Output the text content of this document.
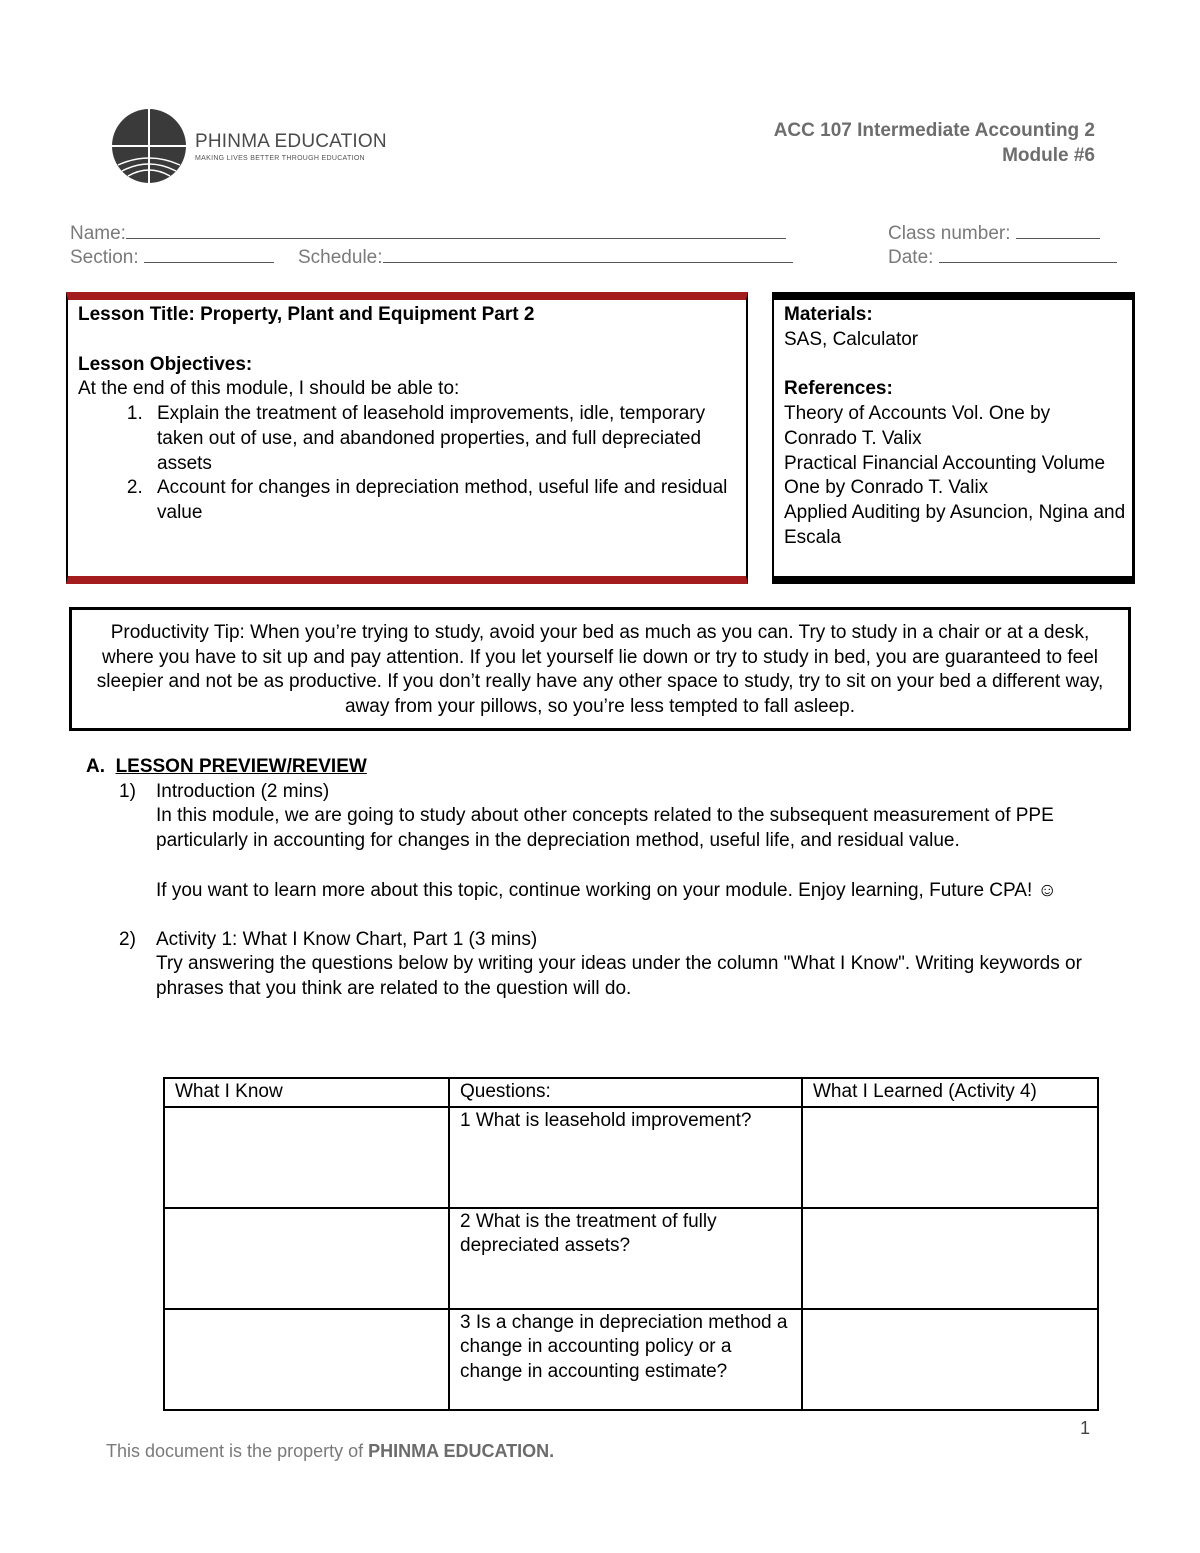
PHINMA EDUCATION
MAKING LIVES BETTER THROUGH EDUCATION
ACC 107 Intermediate Accounting 2
Module #6
Name:	Class number:
Section:	Schedule:	Date:
Lesson Title: Property, Plant and Equipment Part 2
Lesson Objectives:
At the end of this module, I should be able to:
1. Explain the treatment of leasehold improvements, idle, temporary taken out of use, and abandoned properties, and full depreciated assets
2. Account for changes in depreciation method, useful life and residual value
Materials:
SAS, Calculator
References:
Theory of Accounts Vol. One by Conrado T. Valix
Practical Financial Accounting Volume One by Conrado T. Valix
Applied Auditing by Asuncion, Ngina and Escala
Productivity Tip: When you’re trying to study, avoid your bed as much as you can. Try to study in a chair or at a desk, where you have to sit up and pay attention. If you let yourself lie down or try to study in bed, you are guaranteed to feel sleepier and not be as productive. If you don’t really have any other space to study, try to sit on your bed a different way, away from your pillows, so you’re less tempted to fall asleep.
A. LESSON PREVIEW/REVIEW
1) Introduction (2 mins)
In this module, we are going to study about other concepts related to the subsequent measurement of PPE particularly in accounting for changes in the depreciation method, useful life, and residual value.
If you want to learn more about this topic, continue working on your module. Enjoy learning, Future CPA! ☺
2) Activity 1: What I Know Chart, Part 1 (3 mins)
Try answering the questions below by writing your ideas under the column "What I Know". Writing keywords or phrases that you think are related to the question will do.
What I Know	Questions:	What I Learned (Activity 4)
	1 What is leasehold improvement?	
	2 What is the treatment of fully depreciated assets?	
	3 Is a change in depreciation method a change in accounting policy or a change in accounting estimate?	
1
This document is the property of PHINMA EDUCATION.
